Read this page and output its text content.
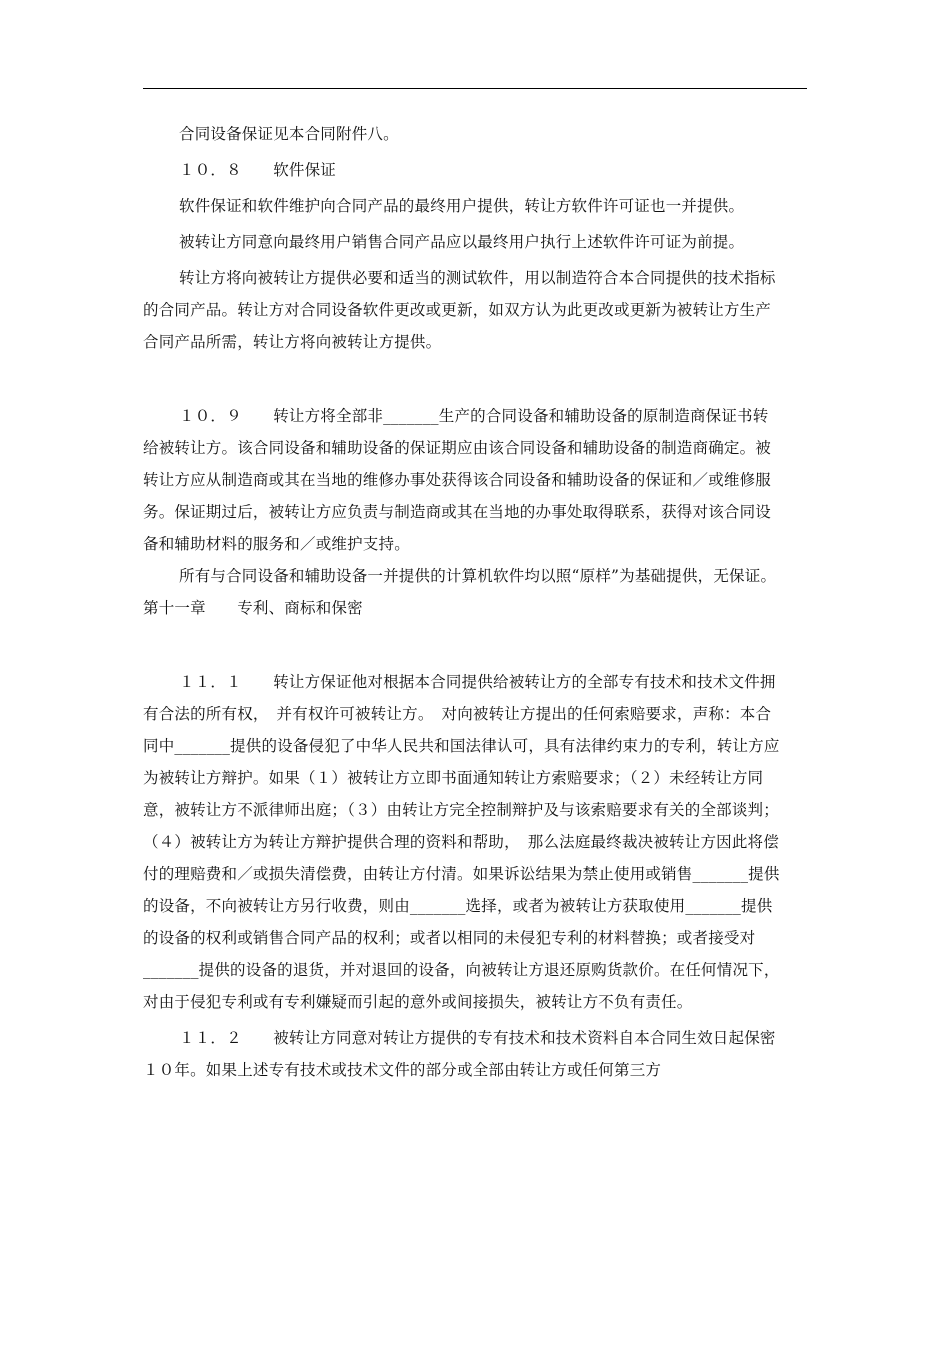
合同设备保证见本合同附件八。

１０．８　　软件保证

软件保证和软件维护向合同产品的最终用户提供，转让方软件许可证也一并提供。

被转让方同意向最终用户销售合同产品应以最终用户执行上述软件许可证为前提。

转让方将向被转让方提供必要和适当的测试软件，用以制造符合本合同提供的技术指标的合同产品。转让方对合同设备软件更改或更新，如双方认为此更改或更新为被转让方生产合同产品所需，转让方将向被转让方提供。

１０．９　　转让方将全部非_______生产的合同设备和辅助设备的原制造商保证书转给被转让方。该合同设备和辅助设备的保证期应由该合同设备和辅助设备的制造商确定。被转让方应从制造商或其在当地的维修办事处获得该合同设备和辅助设备的保证和／或维修服务。保证期过后，被转让方应负责与制造商或其在当地的办事处取得联系，获得对该合同设备和辅助材料的服务和／或维护支持。

所有与合同设备和辅助设备一并提供的计算机软件均以照“原样”为基础提供，无保证。

第十一章　　专利、商标和保密

１１．１　　转让方保证他对根据本合同提供给被转让方的全部专有技术和技术文件拥有合法的所有权，　并有权许可被转让方。　对向被转让方提出的任何索赔要求，声称：本合同中_______提供的设备侵犯了中华人民共和国法律认可，具有法律约束力的专利，转让方应为被转让方辩护。如果（１）被转让方立即书面通知转让方索赔要求；（２）未经转让方同意，被转让方不派律师出庭；（３）由转让方完全控制辩护及与该索赔要求有关的全部谈判；（４）被转让方为转让方辩护提供合理的资料和帮助，　那么法庭最终裁决被转让方因此将偿付的理赔费和／或损失清偿费，由转让方付清。如果诉讼结果为禁止使用或销售_______提供的设备，不向被转让方另行收费，则由_______选择，或者为被转让方获取使用_______提供的设备的权利或销售合同产品的权利；或者以相同的未侵犯专利的材料替换；或者接受对_______提供的设备的退货，并对退回的设备，向被转让方退还原购货款价。在任何情况下，对由于侵犯专利或有专利嫌疑而引起的意外或间接损失，被转让方不负有责任。

１１．２　　被转让方同意对转让方提供的专有技术和技术资料自本合同生效日起保密１０年。如果上述专有技术或技术文件的部分或全部由转让方或任何第三方
